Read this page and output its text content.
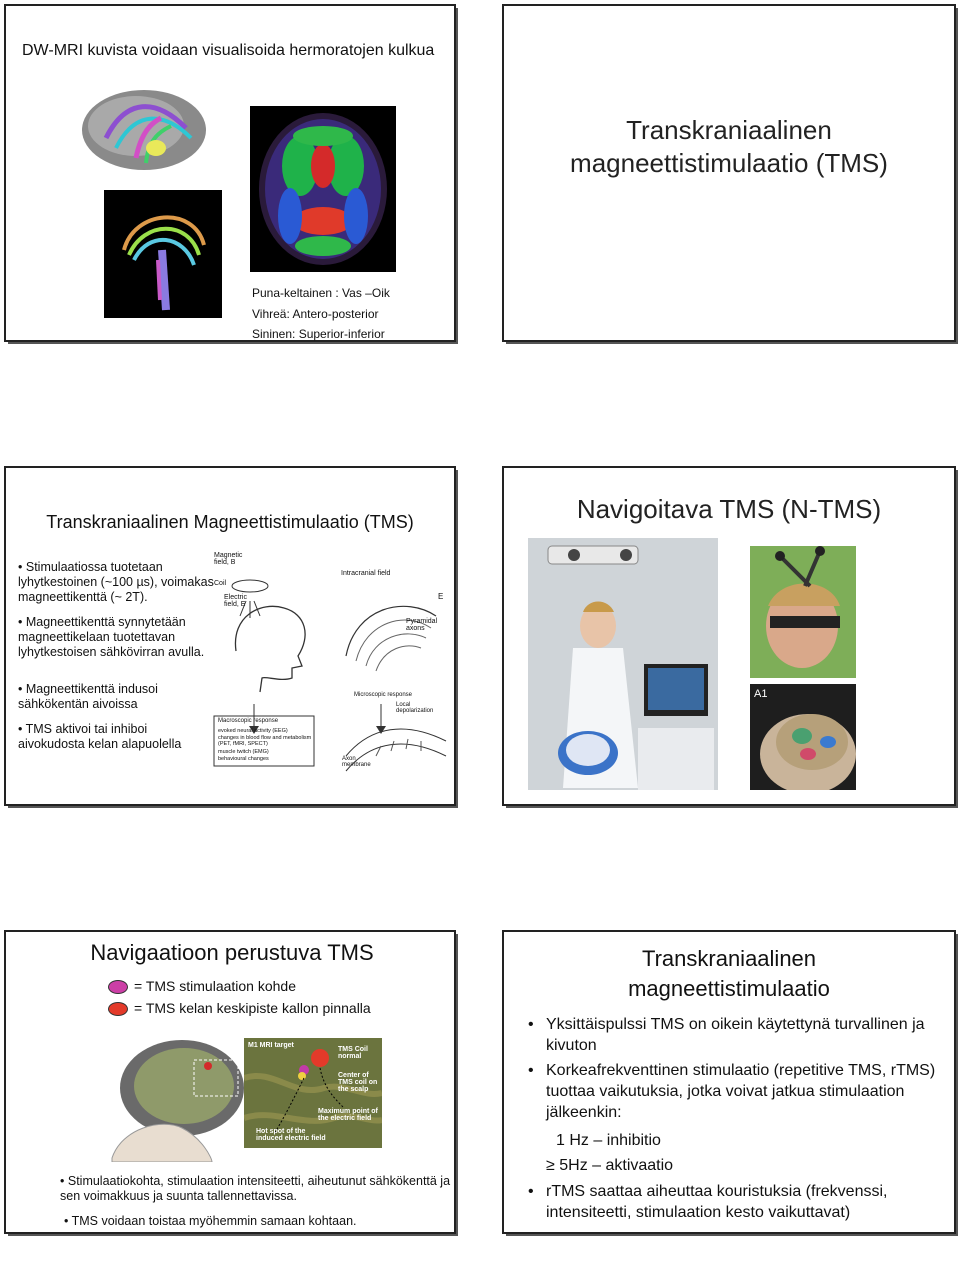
DW-MRI kuvista voidaan visualisoida hermoratojen kulkua
Puna-keltainen : Vas –Oik
Vihreä: Antero-posterior
Sininen: Superior-inferior
Transkraniaalinen
magneettistimulaatio (TMS)
Transkraniaalinen Magneettistimulaatio (TMS)
• Stimulaatiossa tuotetaan lyhytkestoinen (~100 µs), voimakas magneettikenttä (~ 2T).
• Magneettikenttä synnytetään magneettikelaan tuotettavan lyhytkestoisen sähkövirran avulla.
• Magneettikenttä indusoi sähkökentän aivoissa
• TMS aktivoi tai inhiboi aivokudosta kelan alapuolella
Magnetic field, B
Coil
Electric field, E
Intracranial field
E
Pyramidal axons
Macroscopic response
evoked neural activity (EEG)
changes in blood flow and metabolism (PET, fMRI, SPECT)
muscle twitch (EMG)
behavioural changes
Microscopic response
Local depolarization
Axon membrane
Navigoitava TMS (N-TMS)
A1
Navigaatioon perustuva TMS
= TMS stimulaation kohde
= TMS kelan keskipiste kallon pinnalla
M1 MRI target
TMS Coil normal
Center of TMS coil on the scalp
Maximum point of the electric field
Hot spot of the induced electric field
• Stimulaatiokohta, stimulaation intensiteetti, aiheutunut sähkökenttä ja sen voimakkuus ja suunta tallennettavissa.
• TMS voidaan toistaa myöhemmin samaan kohtaan.
Transkraniaalinen
magneettistimulaatio
• Yksittäispulssi TMS on oikein käytettynä turvallinen ja kivuton
• Korkeafrekventtinen stimulaatio (repetitive TMS, rTMS) tuottaa vaikutuksia, jotka voivat jatkua stimulaation jälkeenkin:
1 Hz – inhibitio
≥ 5Hz – aktivaatio
• rTMS saattaa aiheuttaa kouristuksia (frekvenssi, intensiteetti, stimulaation kesto vaikuttavat)
